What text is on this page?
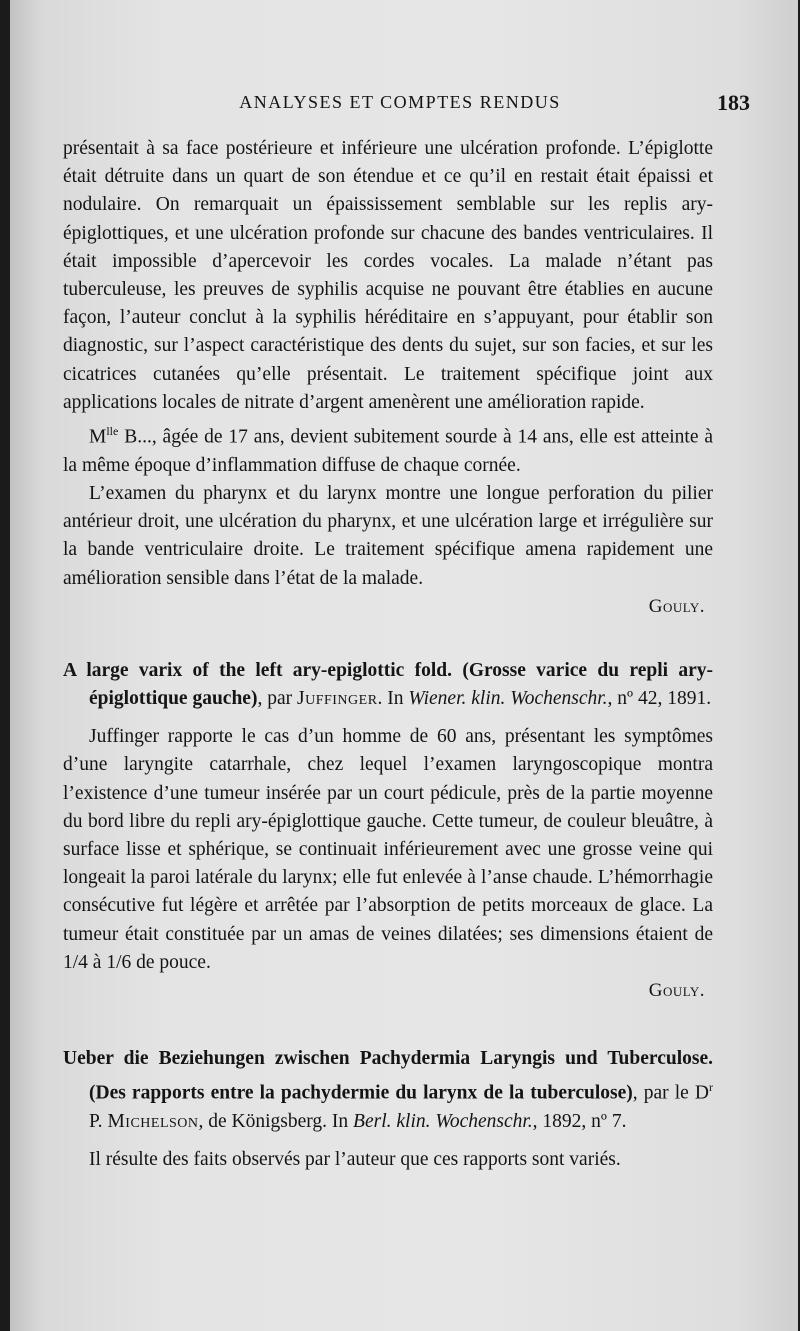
ANALYSES ET COMPTES RENDUS	183

présentait à sa face postérieure et inférieure une ulcération profonde. L’épiglotte était détruite dans un quart de son étendue et ce qu’il en restait était épaissi et nodulaire. On remarquait un épaississement semblable sur les replis ary-épiglottiques, et une ulcération profonde sur chacune des bandes ventriculaires. Il était impossible d’apercevoir les cordes vocales. La malade n’étant pas tuberculeuse, les preuves de syphilis acquise ne pouvant être établies en aucune façon, l’auteur conclut à la syphilis héréditaire en s’appuyant, pour établir son diagnostic, sur l’aspect caractéristique des dents du sujet, sur son facies, et sur les cicatrices cutanées qu’elle présentait. Le traitement spécifique joint aux applications locales de nitrate d’argent amenèrent une amélioration rapide.

$M^{lle}$ B..., âgée de 17 ans, devient subitement sourde à 14 ans, elle est atteinte à la même époque d’inflammation diffuse de chaque cornée.

L’examen du pharynx et du larynx montre une longue perforation du pilier antérieur droit, une ulcération du pharynx, et une ulcération large et irrégulière sur la bande ventriculaire droite. Le traitement spécifique amena rapidement une amélioration sensible dans l’état de la malade.

Gouly.

A large varix of the left ary-epiglottic fold. (Grosse varice du repli ary-épiglottique gauche), par Juffinger. In Wiener. klin. Wochenschr., nº 42, 1891.

Juffinger rapporte le cas d’un homme de 60 ans, présentant les symptômes d’une laryngite catarrhale, chez lequel l’examen laryngoscopique montra l’existence d’une tumeur insérée par un court pédicule, près de la partie moyenne du bord libre du repli ary-épiglottique gauche. Cette tumeur, de couleur bleuâtre, à surface lisse et sphérique, se continuait inférieurement avec une grosse veine qui longeait la paroi latérale du larynx; elle fut enlevée à l’anse chaude. L’hémorrhagie consécutive fut légère et arrêtée par l’absorption de petits morceaux de glace. La tumeur était constituée par un amas de veines dilatées; ses dimensions étaient de 1/4 à 1/6 de pouce.

Gouly.

Ueber die Beziehungen zwischen Pachydermia Laryngis und Tuberculose. (Des rapports entre la pachydermie du larynx de la tuberculose), par le $D^r$ P. Michelson, de Königsberg. In Berl. klin. Wochenschr., 1892, nº 7.

Il résulte des faits observés par l’auteur que ces rapports sont variés.
